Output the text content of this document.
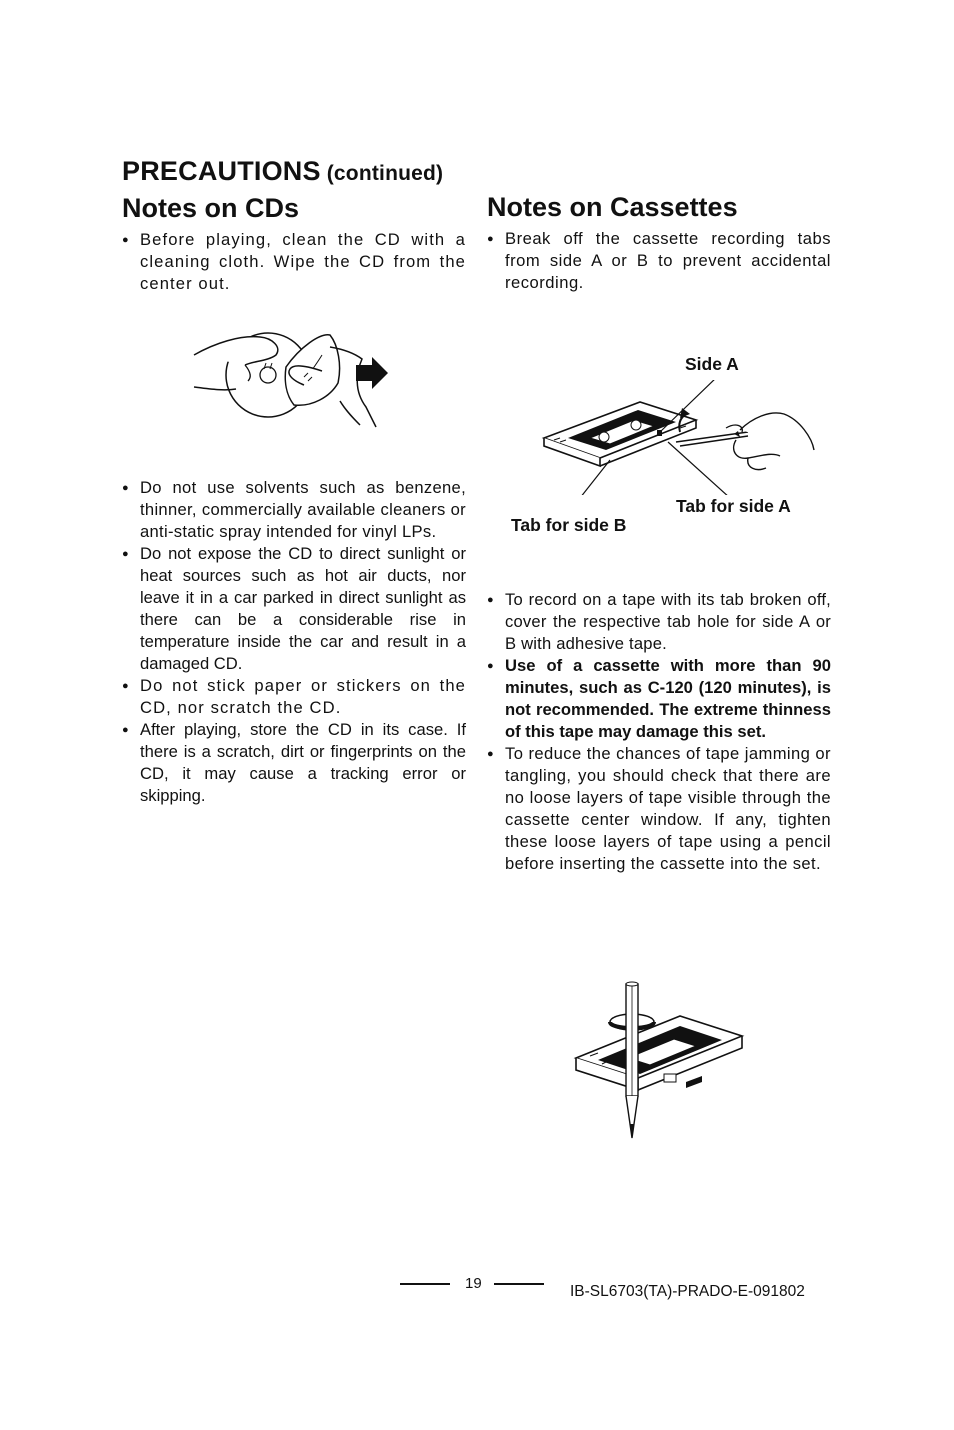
PRECAUTIONS (continued)
Notes on CDs
● Before playing, clean the CD with a cleaning cloth. Wipe the CD from the center out.
● Do not use solvents such as benzene, thinner, commercially available cleaners or anti-static spray intended for vinyl LPs.
● Do not expose the CD to direct sunlight or heat sources such as hot air ducts, nor leave it in a car parked in direct sunlight as there can be a considerable rise in temperature inside the car and result in a damaged CD.
● Do not stick paper or stickers on the CD, nor scratch the CD.
● After playing, store the CD in its case. If there is a scratch, dirt or fingerprints on the CD, it may cause a tracking error or skipping.
Notes on Cassettes
● Break off the cassette recording tabs from side A or B to prevent accidental recording.
Side A
Tab for side A
Tab for side B
● To record on a tape with its tab broken off, cover the respective tab hole for side A or B with adhesive tape.
● Use of a cassette with more than 90 minutes, such as C-120 (120 minutes), is not recommended. The extreme thinness of this tape may damage this set.
● To reduce the chances of tape jamming or tangling, you should check that there are no loose layers of tape visible through the cassette center window. If any, tighten these loose layers of tape using a pencil before inserting the cassette into the set.
19	IB-SL6703(TA)-PRADO-E-091802
